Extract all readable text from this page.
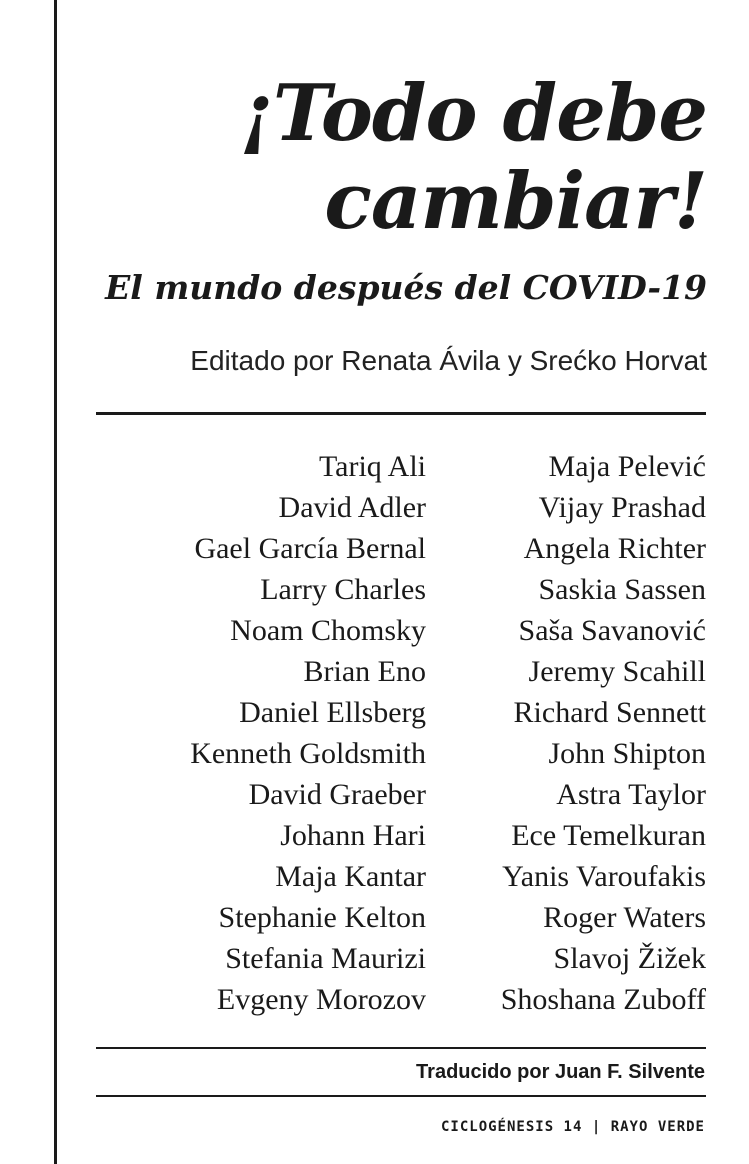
¡Todo debe
cambiar!
El mundo después del COVID-19
Editado por Renata Ávila y Srećko Horvat
Tariq Ali
David Adler
Gael García Bernal
Larry Charles
Noam Chomsky
Brian Eno
Daniel Ellsberg
Kenneth Goldsmith
David Graeber
Johann Hari
Maja Kantar
Stephanie Kelton
Stefania Maurizi
Evgeny Morozov
Maja Pelević
Vijay Prashad
Angela Richter
Saskia Sassen
Saša Savanović
Jeremy Scahill
Richard Sennett
John Shipton
Astra Taylor
Ece Temelkuran
Yanis Varoufakis
Roger Waters
Slavoj Žižek
Shoshana Zuboff
Traducido por Juan F. Silvente
CICLOGÉNESIS 14 | RAYO VERDE
